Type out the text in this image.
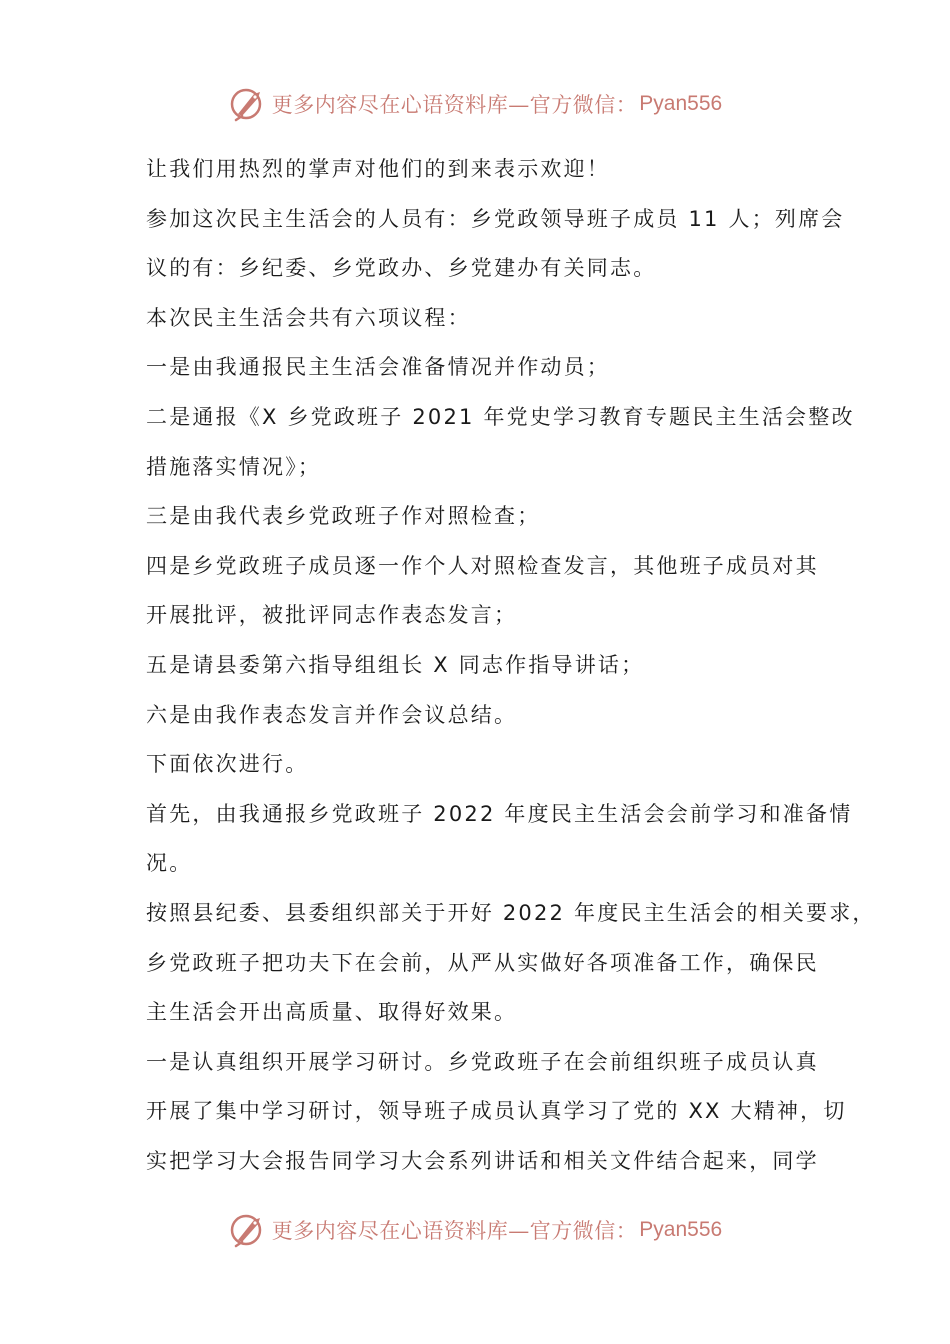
更多内容尽在心语资料库—官方微信： Pyan556
让我们用热烈的掌声对他们的到来表示欢迎！
参加这次民主生活会的人员有：乡党政领导班子成员 11 人；列席会
议的有：乡纪委、乡党政办、乡党建办有关同志。
本次民主生活会共有六项议程：
一是由我通报民主生活会准备情况并作动员；
二是通报《X 乡党政班子 2021 年党史学习教育专题民主生活会整改
措施落实情况》；
三是由我代表乡党政班子作对照检查；
四是乡党政班子成员逐一作个人对照检查发言，其他班子成员对其
开展批评，被批评同志作表态发言；
五是请县委第六指导组组长 X 同志作指导讲话；
六是由我作表态发言并作会议总结。
下面依次进行。
首先，由我通报乡党政班子 2022 年度民主生活会会前学习和准备情
况。
按照县纪委、县委组织部关于开好 2022 年度民主生活会的相关要求，
乡党政班子把功夫下在会前，从严从实做好各项准备工作，确保民
主生活会开出高质量、取得好效果。
一是认真组织开展学习研讨。乡党政班子在会前组织班子成员认真
开展了集中学习研讨，领导班子成员认真学习了党的 XX 大精神，切
实把学习大会报告同学习大会系列讲话和相关文件结合起来，同学
更多内容尽在心语资料库—官方微信： Pyan556
